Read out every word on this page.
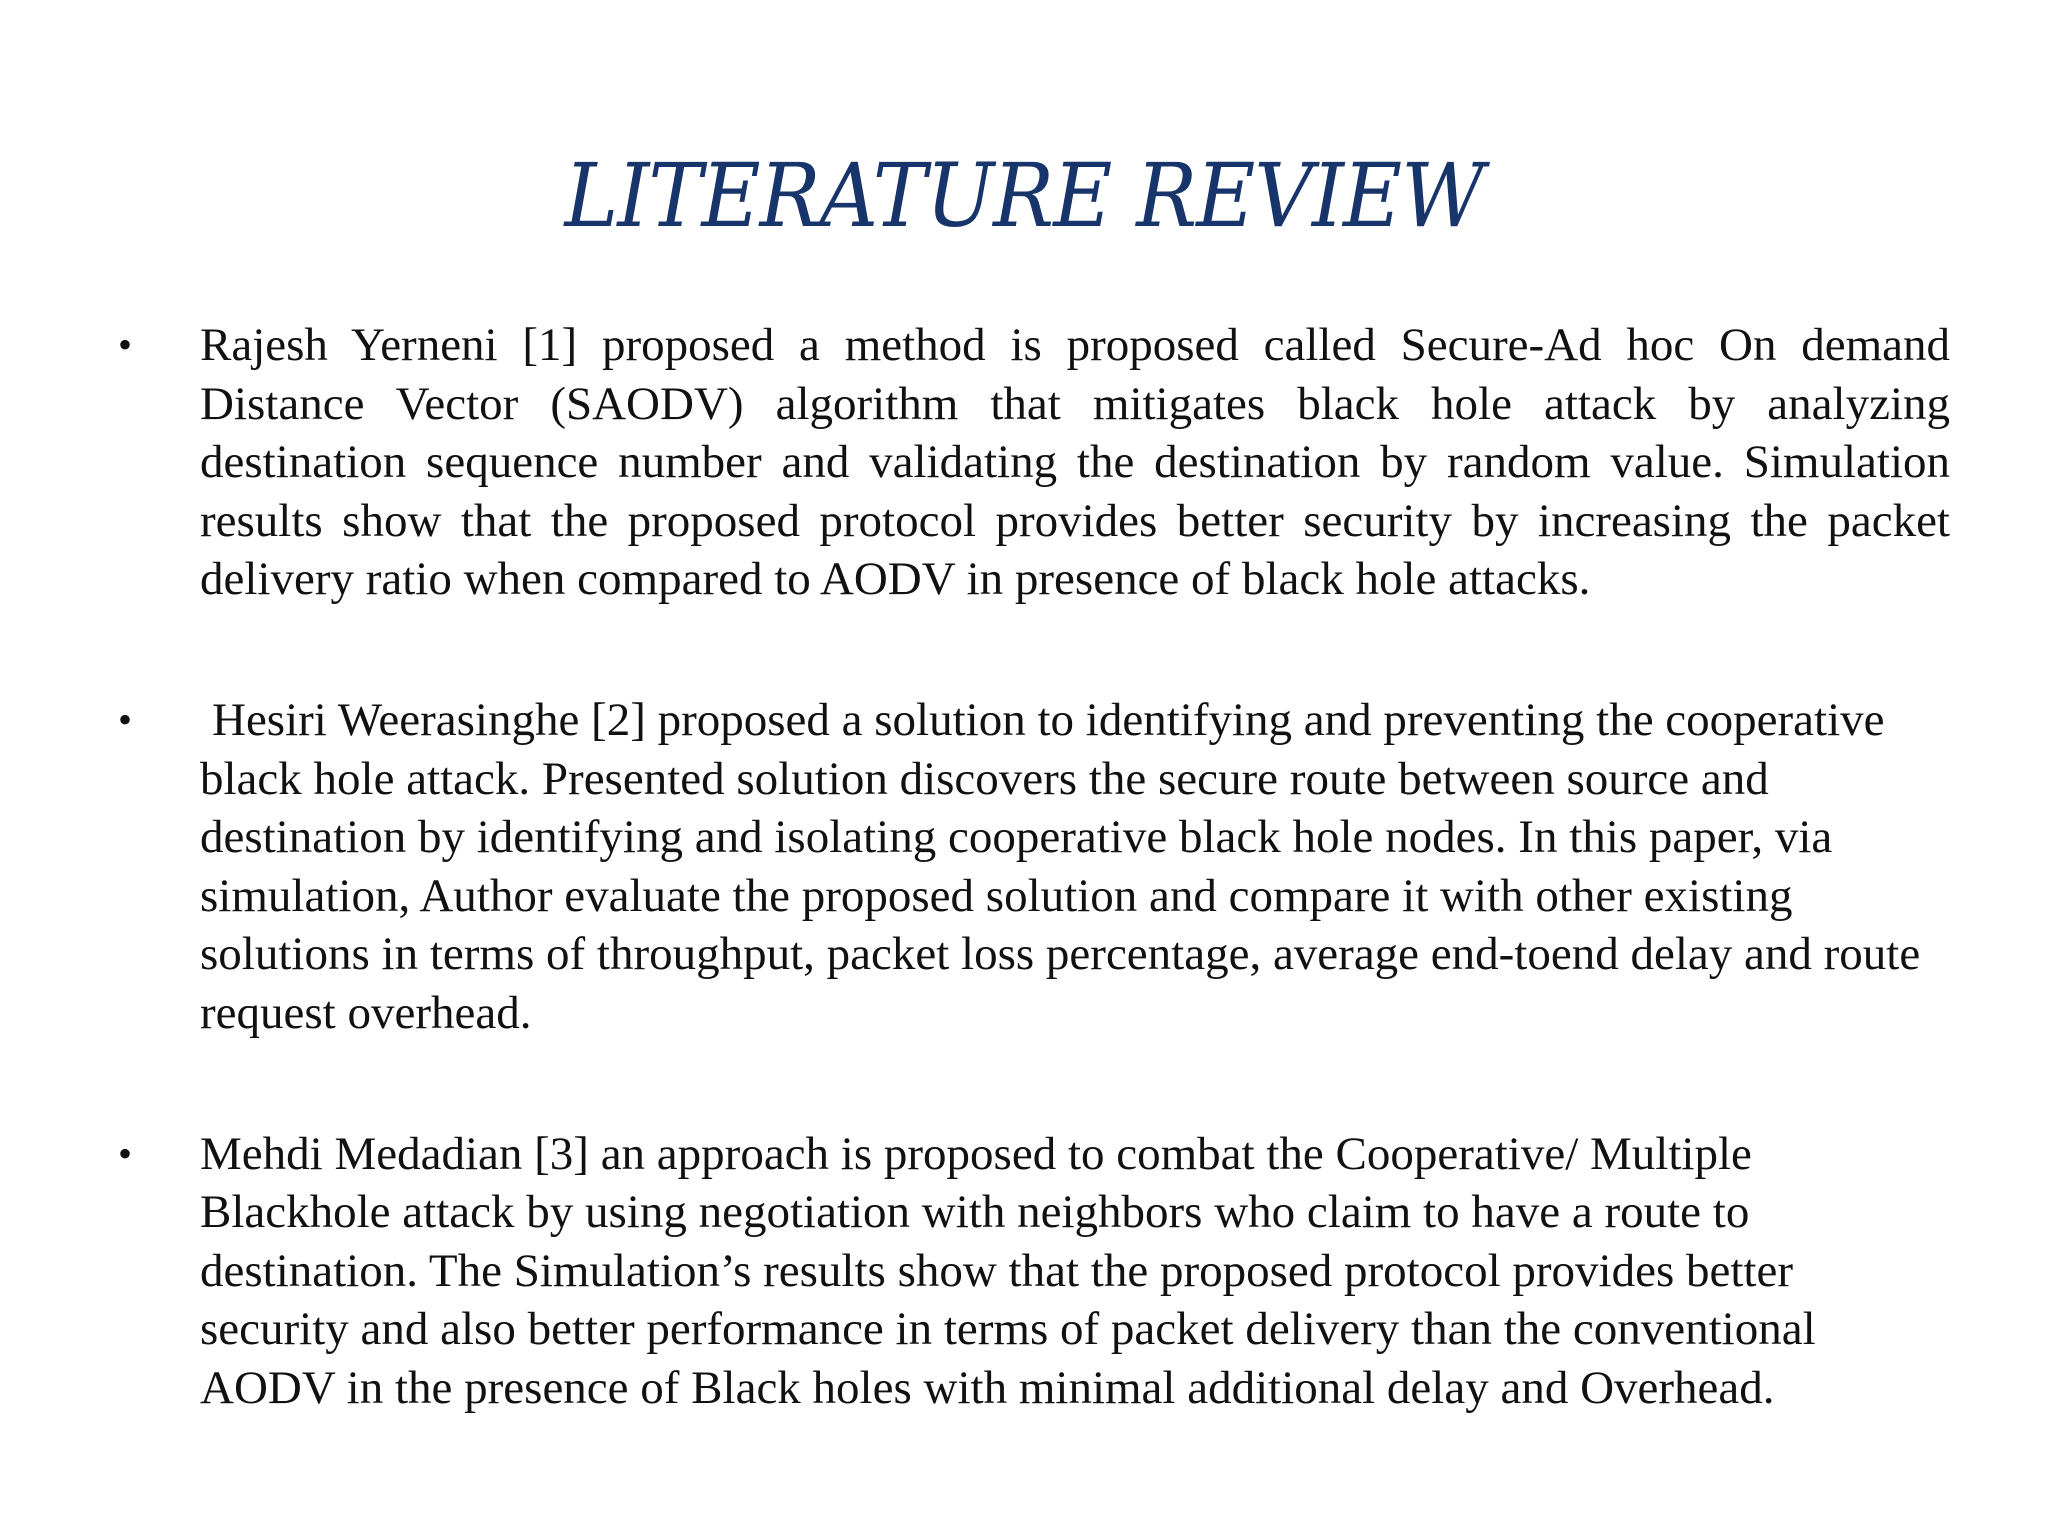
LITERATURE REVIEW
• Rajesh Yerneni [1] proposed a method is proposed called Secure-Ad hoc On demand Distance Vector (SAODV) algorithm that mitigates black hole attack by analyzing destination sequence number and validating the destination by random value. Simulation results show that the proposed protocol provides better security by increasing the packet delivery ratio when compared to AODV in presence of black hole attacks.
• Hesiri Weerasinghe [2] proposed a solution to identifying and preventing the cooperative black hole attack. Presented solution discovers the secure route between source and destination by identifying and isolating cooperative black hole nodes. In this paper, via simulation, Author evaluate the proposed solution and compare it with other existing solutions in terms of throughput, packet loss percentage, average end-toend delay and route request overhead.
• Mehdi Medadian [3] an approach is proposed to combat the Cooperative/ Multiple Blackhole attack by using negotiation with neighbors who claim to have a route to destination. The Simulation’s results show that the proposed protocol provides better security and also better performance in terms of packet delivery than the conventional AODV in the presence of Black holes with minimal additional delay and Overhead.
